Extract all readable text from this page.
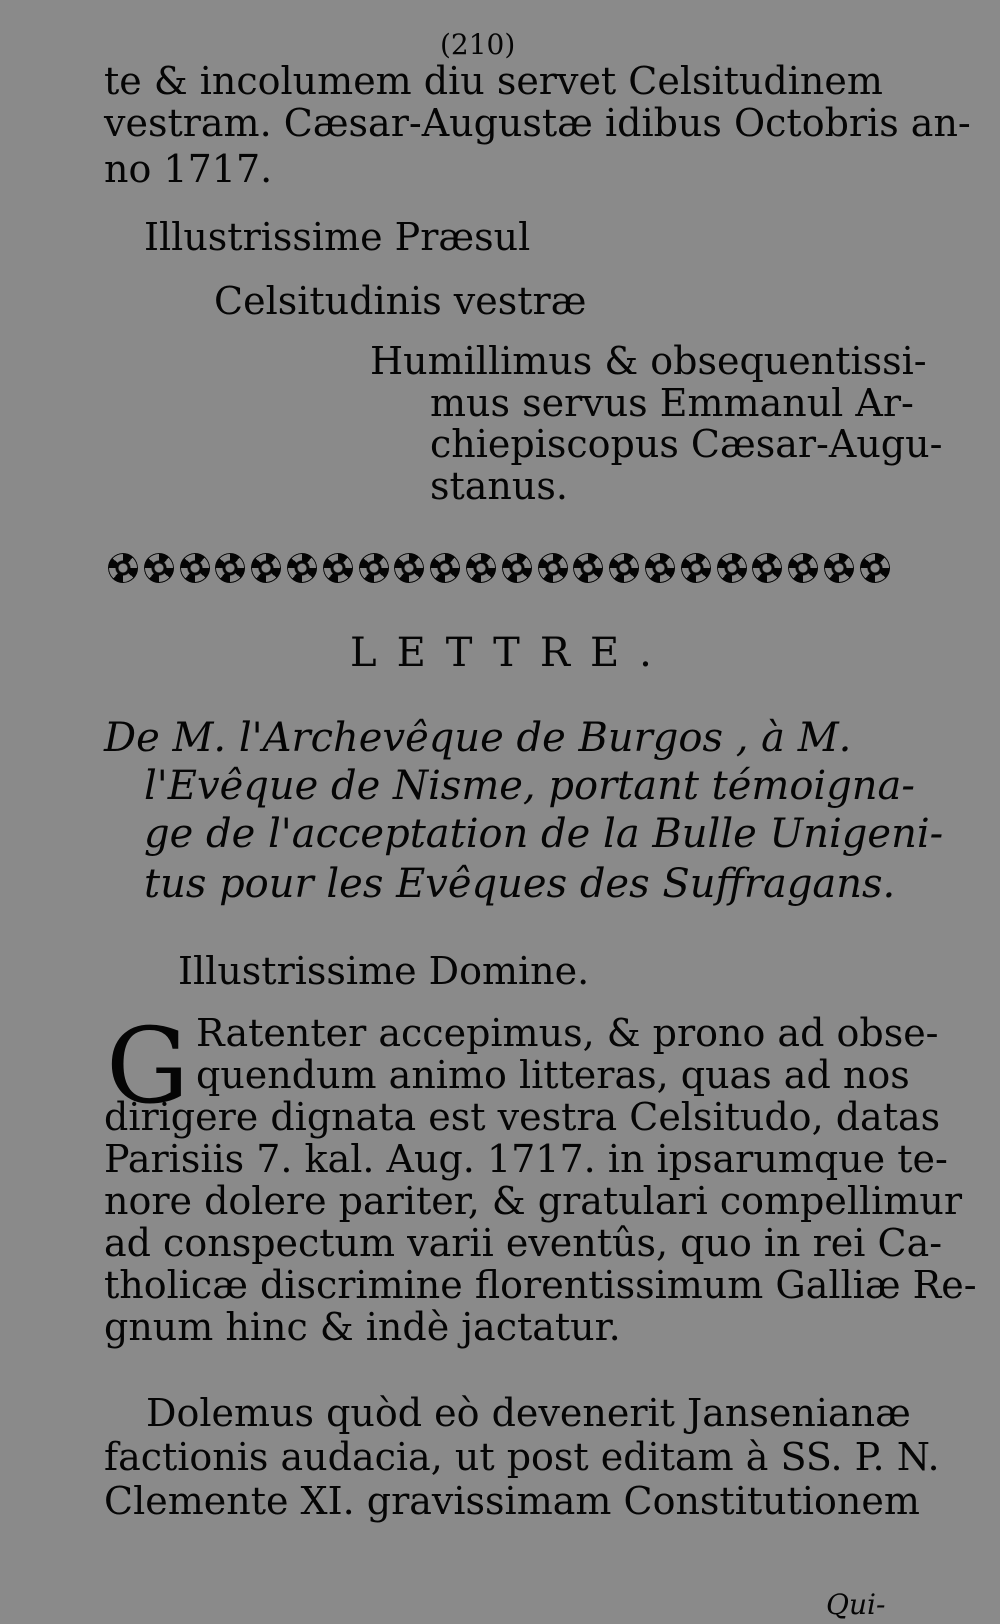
(210)
te & incolumem diu servet Celsitudinem
vestram. Cæsar-Augustæ idibus Octobris an-
no 1717.
Illustrissime Præsul
Celsitudinis vestræ
Humillimus & obsequentissi-
mus servus Emmanul Ar-
chiepiscopus Cæsar-Augu-
stanus.
LETTRE.
De M. l'Archevêque de Burgos , à M.
l'Evêque de Nisme, portant témoigna-
ge de l'acceptation de la Bulle Unigeni-
tus pour les Evêques des Suffragans.
Illustrissime Domine.
G Ratenter accepimus, & prono ad obse-
quendum animo litteras, quas ad nos
dirigere dignata est vestra Celsitudo, datas
Parisiis 7. kal. Aug. 1717. in ipsarumque te-
nore dolere pariter, & gratulari compellimur
ad conspectum varii eventûs, quo in rei Ca-
tholicæ discrimine florentissimum Galliæ Re-
gnum hinc & indè jactatur.
Dolemus quòd eò devenerit Jansenianæ
factionis audacia, ut post editam à SS. P. N.
Clemente XI. gravissimam Constitutionem
Qui-
